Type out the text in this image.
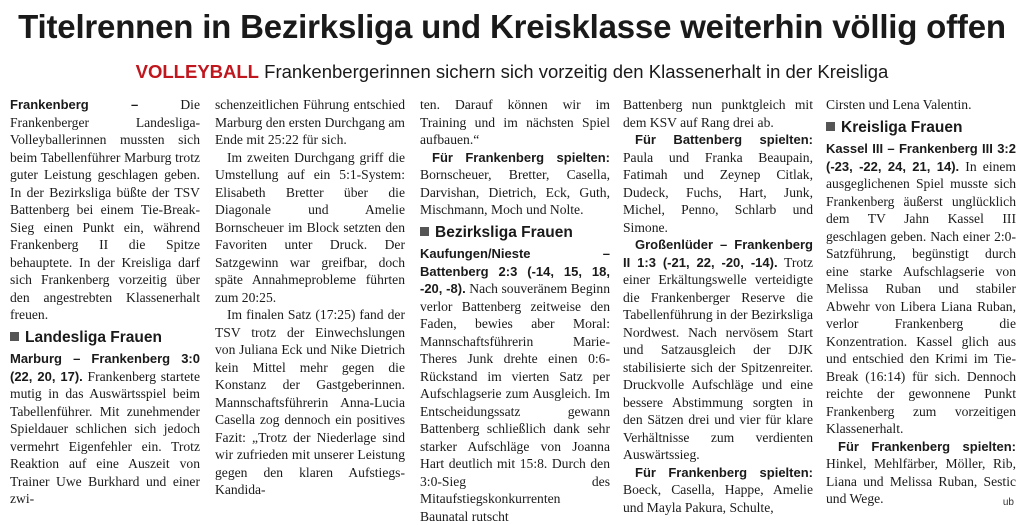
Titelrennen in Bezirksliga und Kreisklasse weiterhin völlig offen
VOLLEYBALL Frankenbergerinnen sichern sich vorzeitig den Klassenerhalt in der Kreisliga

Frankenberg – Die Frankenberger Landesliga-Volleyballerinnen mussten sich beim Tabellenführer Marburg trotz guter Leistung geschlagen geben. In der Bezirksliga büßte der TSV Battenberg bei einem Tie-Break-Sieg einen Punkt ein, während Frankenberg II die Spitze behauptete. In der Kreisliga darf sich Frankenberg vorzeitig über den angestrebten Klassenerhalt freuen.

Landesliga Frauen

Marburg – Frankenberg 3:0 (22, 20, 17). Frankenberg startete mutig in das Auswärtsspiel beim Tabellenführer. Mit zunehmender Spieldauer schlichen sich jedoch vermehrt Eigenfehler ein. Trotz Reaktion auf eine Auszeit von Trainer Uwe Burkhard und einer zwi-

schenzeitlichen Führung entschied Marburg den ersten Durchgang am Ende mit 25:22 für sich.

Im zweiten Durchgang griff die Umstellung auf ein 5:1-System: Elisabeth Bretter über die Diagonale und Amelie Bornscheuer im Block setzten den Favoriten unter Druck. Der Satzgewinn war greifbar, doch späte Annahmeprobleme führten zum 20:25.

Im finalen Satz (17:25) fand der TSV trotz der Einwechslungen von Juliana Eck und Nike Dietrich kein Mittel mehr gegen die Konstanz der Gastgeberinnen. Mannschaftsführerin Anna-Lucia Casella zog dennoch ein positives Fazit: „Trotz der Niederlage sind wir zufrieden mit unserer Leistung gegen den klaren Aufstiegs-Kandida-

ten. Darauf können wir im Training und im nächsten Spiel aufbauen.“

Für Frankenberg spielten: Bornscheuer, Bretter, Casella, Darvishan, Dietrich, Eck, Guth, Mischmann, Moch und Nolte.

Bezirksliga Frauen

Kaufungen/Nieste – Battenberg 2:3 (-14, 15, 18, -20, -8). Nach souveränem Beginn verlor Battenberg zeitweise den Faden, bewies aber Moral: Mannschaftsführerin Marie-Theres Junk drehte einen 0:6-Rückstand im vierten Satz per Aufschlagserie zum Ausgleich. Im Entscheidungssatz gewann Battenberg schließlich dank sehr starker Aufschläge von Joanna Hart deutlich mit 15:8. Durch den 3:0-Sieg des Mitaufstiegskonkurrenten Baunatal rutscht

Battenberg nun punktgleich mit dem KSV auf Rang drei ab.

Für Battenberg spielten: Paula und Franka Beaupain, Fatimah und Zeynep Citlak, Dudeck, Fuchs, Hart, Junk, Michel, Penno, Schlarb und Simone.

Großenlüder – Frankenberg II 1:3 (-21, 22, -20, -14). Trotz einer Erkältungswelle verteidigte die Frankenberger Reserve die Tabellenführung in der Bezirksliga Nordwest. Nach nervösem Start und Satzausgleich der DJK stabilisierte sich der Spitzenreiter. Druckvolle Aufschläge und eine bessere Abstimmung sorgten in den Sätzen drei und vier für klare Verhältnisse zum verdienten Auswärtssieg.

Für Frankenberg spielten: Boeck, Casella, Happe, Amelie und Mayla Pakura, Schulte,

Cirsten und Lena Valentin.

Kreisliga Frauen

Kassel III – Frankenberg III 3:2 (-23, -22, 24, 21, 14). In einem ausgeglichenen Spiel musste sich Frankenberg äußerst unglücklich dem TV Jahn Kassel III geschlagen geben. Nach einer 2:0-Satzführung, begünstigt durch eine starke Aufschlagserie von Melissa Ruban und stabiler Abwehr von Libera Liana Ruban, verlor Frankenberg die Konzentration. Kassel glich aus und entschied den Krimi im Tie-Break (16:14) für sich. Dennoch reichte der gewonnene Punkt Frankenberg zum vorzeitigen Klassenerhalt.

Für Frankenberg spielten: Hinkel, Mehlfärber, Möller, Rib, Liana und Melissa Ruban, Sestic und Wege.	ub
